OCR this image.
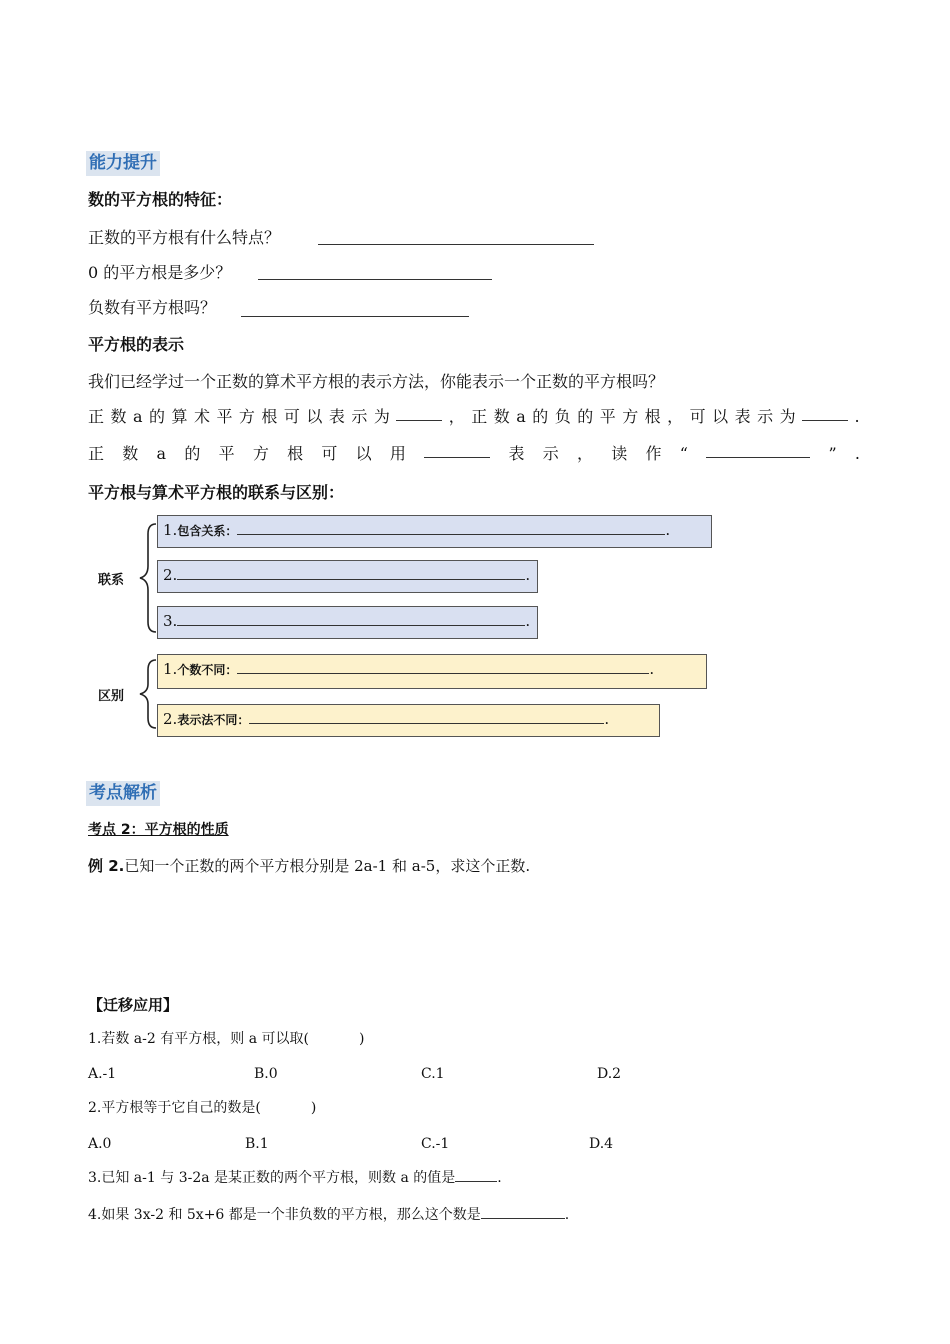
能力提升
数的平方根的特征：
正数的平方根有什么特点？
0 的平方根是多少？
负数有平方根吗？
平方根的表示
我们已经学过一个正数的算术平方根的表示方法，你能表示一个正数的平方根吗？
正 数 a 的 算 术 平 方 根 可 以 表 示 为	， 正 数 a 的 负 的 平 方 根 ， 可 以 表 示 为	.
正 数 a 的 平 方 根 可 以 用	表 示 ， 读 作 “	” .
平方根与算术平方根的联系与区别：
联系
区别
1.包含关系：	.
2.	.
3.	.
1.个数不同：	.
2.表示法不同：	.
考点解析
考点 2：平方根的性质
例 2.已知一个正数的两个平方根分别是 2a-1 和 a-5，求这个正数.
【迁移应用】
1.若数 a-2 有平方根，则 a 可以取(	)
A.-1	B.0	C.1	D.2
2.平方根等于它自己的数是(	)
A.0	B.1	C.-1	D.4
3.已知 a-1 与 3-2a 是某正数的两个平方根，则数 a 的值是	.
4.如果 3x-2 和 5x+6 都是一个非负数的平方根，那么这个数是	.
